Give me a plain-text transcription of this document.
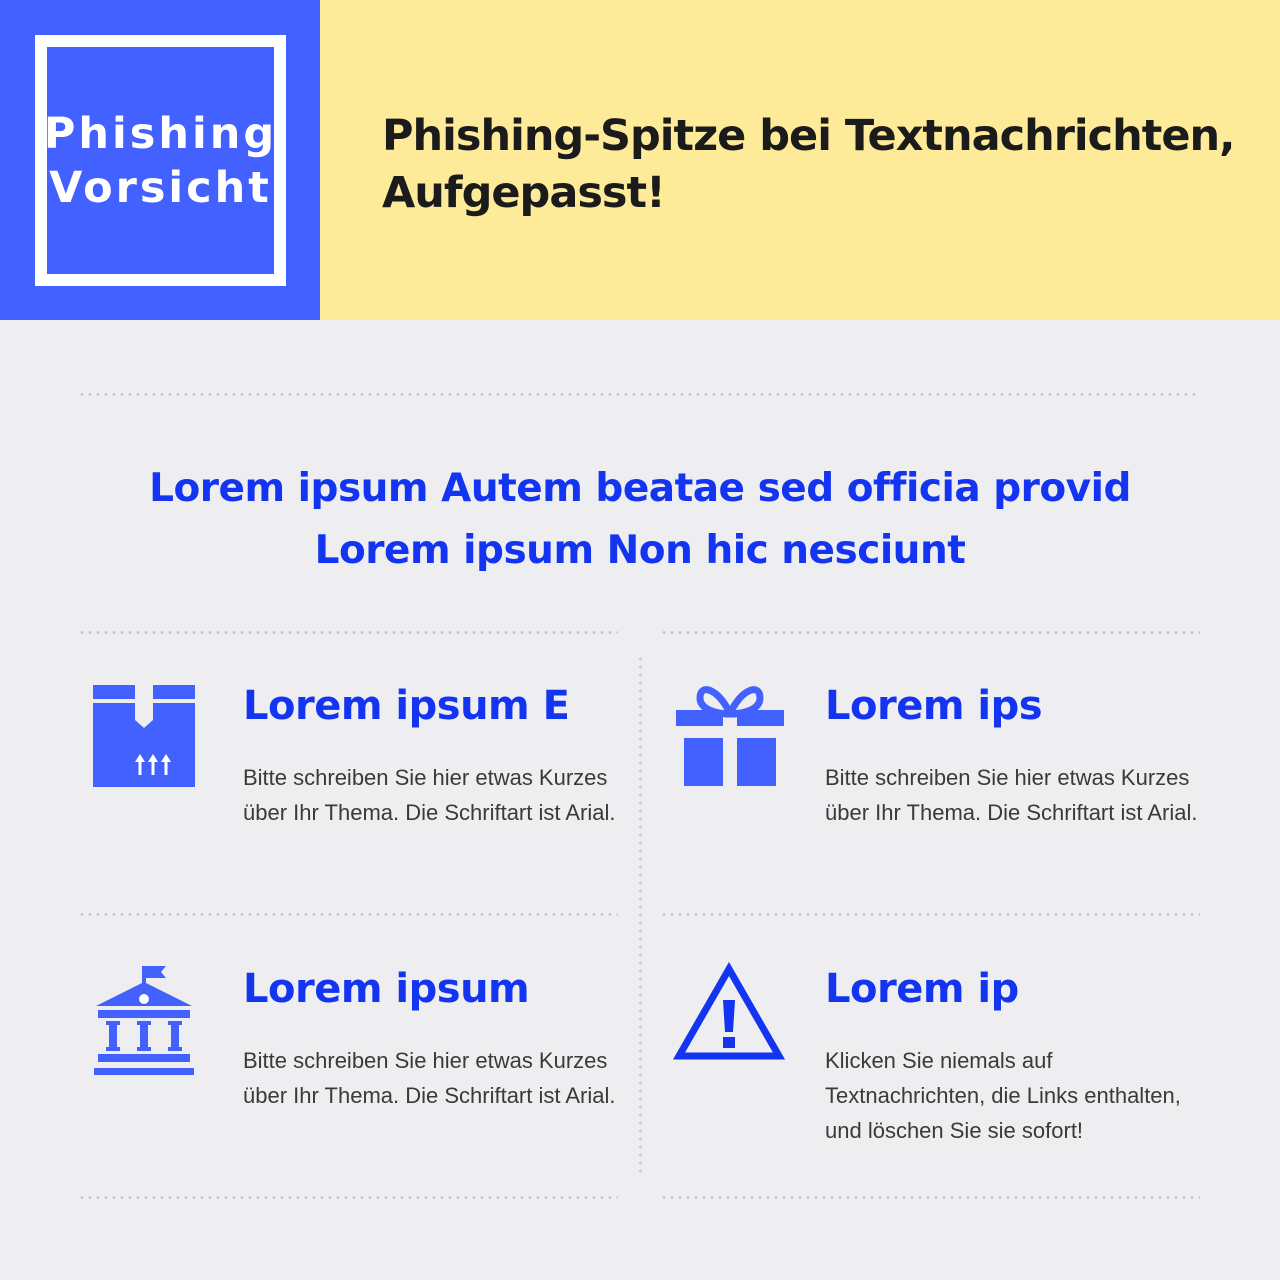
Phishing
Vorsicht
Phishing-Spitze bei Textnachrichten, Aufgepasst!
Lorem ipsum Autem beatae sed officia provid
Lorem ipsum Non hic nesciunt
Lorem ipsum E
Bitte schreiben Sie hier etwas Kurzes über Ihr Thema. Die Schriftart ist Arial.
Lorem ips
Bitte schreiben Sie hier etwas Kurzes über Ihr Thema. Die Schriftart ist Arial.
Lorem ipsum
Bitte schreiben Sie hier etwas Kurzes über Ihr Thema. Die Schriftart ist Arial.
Lorem ip
Klicken Sie niemals auf Textnachrichten, die Links enthalten, und löschen Sie sie sofort!
